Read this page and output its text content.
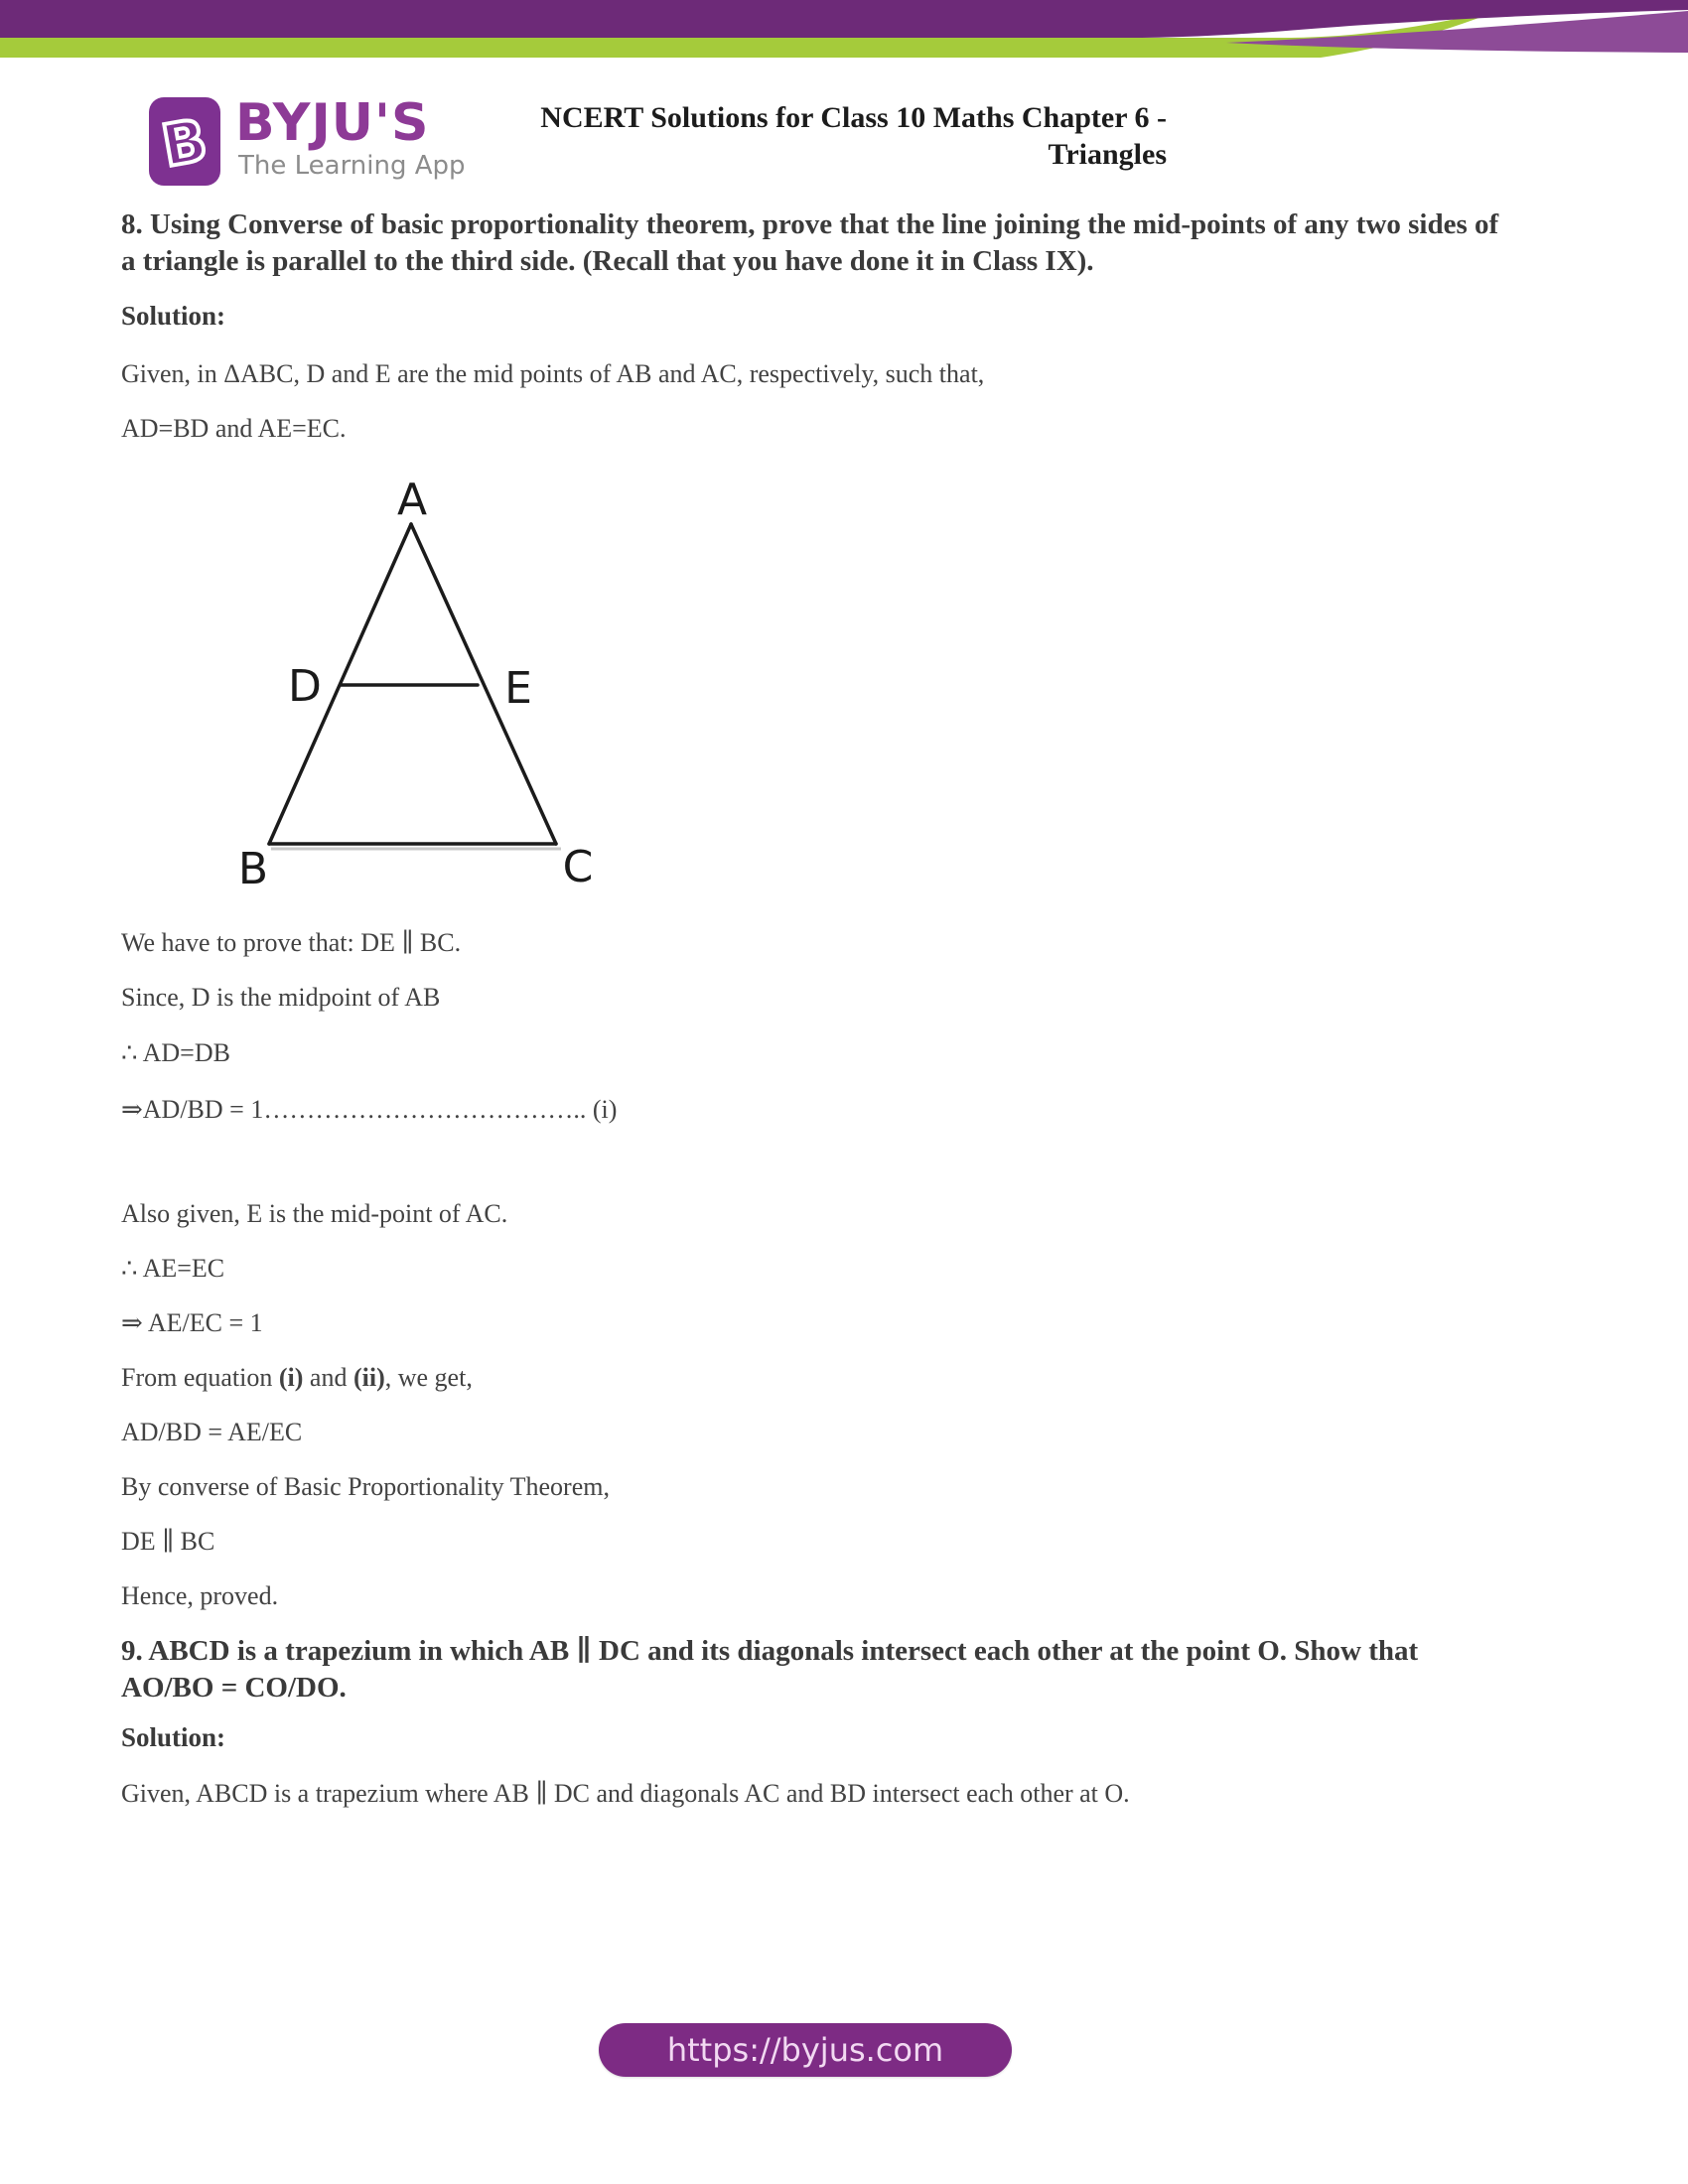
B BYJU'S
The Learning App
NCERT Solutions for Class 10 Maths Chapter 6 -
Triangles
8. Using Converse of basic proportionality theorem, prove that the line joining the mid-points of any two sides of
a triangle is parallel to the third side. (Recall that you have done it in Class IX).
Solution:
Given, in ΔABC, D and E are the mid points of AB and AC, respectively, such that,
AD=BD and AE=EC.
A
B	C
D	E
We have to prove that: DE ∥ BC.
Since, D is the midpoint of AB
∴ AD=DB
⇒AD/BD = 1……………………………….. (i)
Also given, E is the mid-point of AC.
∴ AE=EC
⇒ AE/EC = 1
From equation (i) and (ii), we get,
AD/BD = AE/EC
By converse of Basic Proportionality Theorem,
DE ∥ BC
Hence, proved.
9. ABCD is a trapezium in which AB ∥ DC and its diagonals intersect each other at the point O. Show that
AO/BO = CO/DO.
Solution:
Given, ABCD is a trapezium where AB ∥ DC and diagonals AC and BD intersect each other at O.
https://byjus.com
